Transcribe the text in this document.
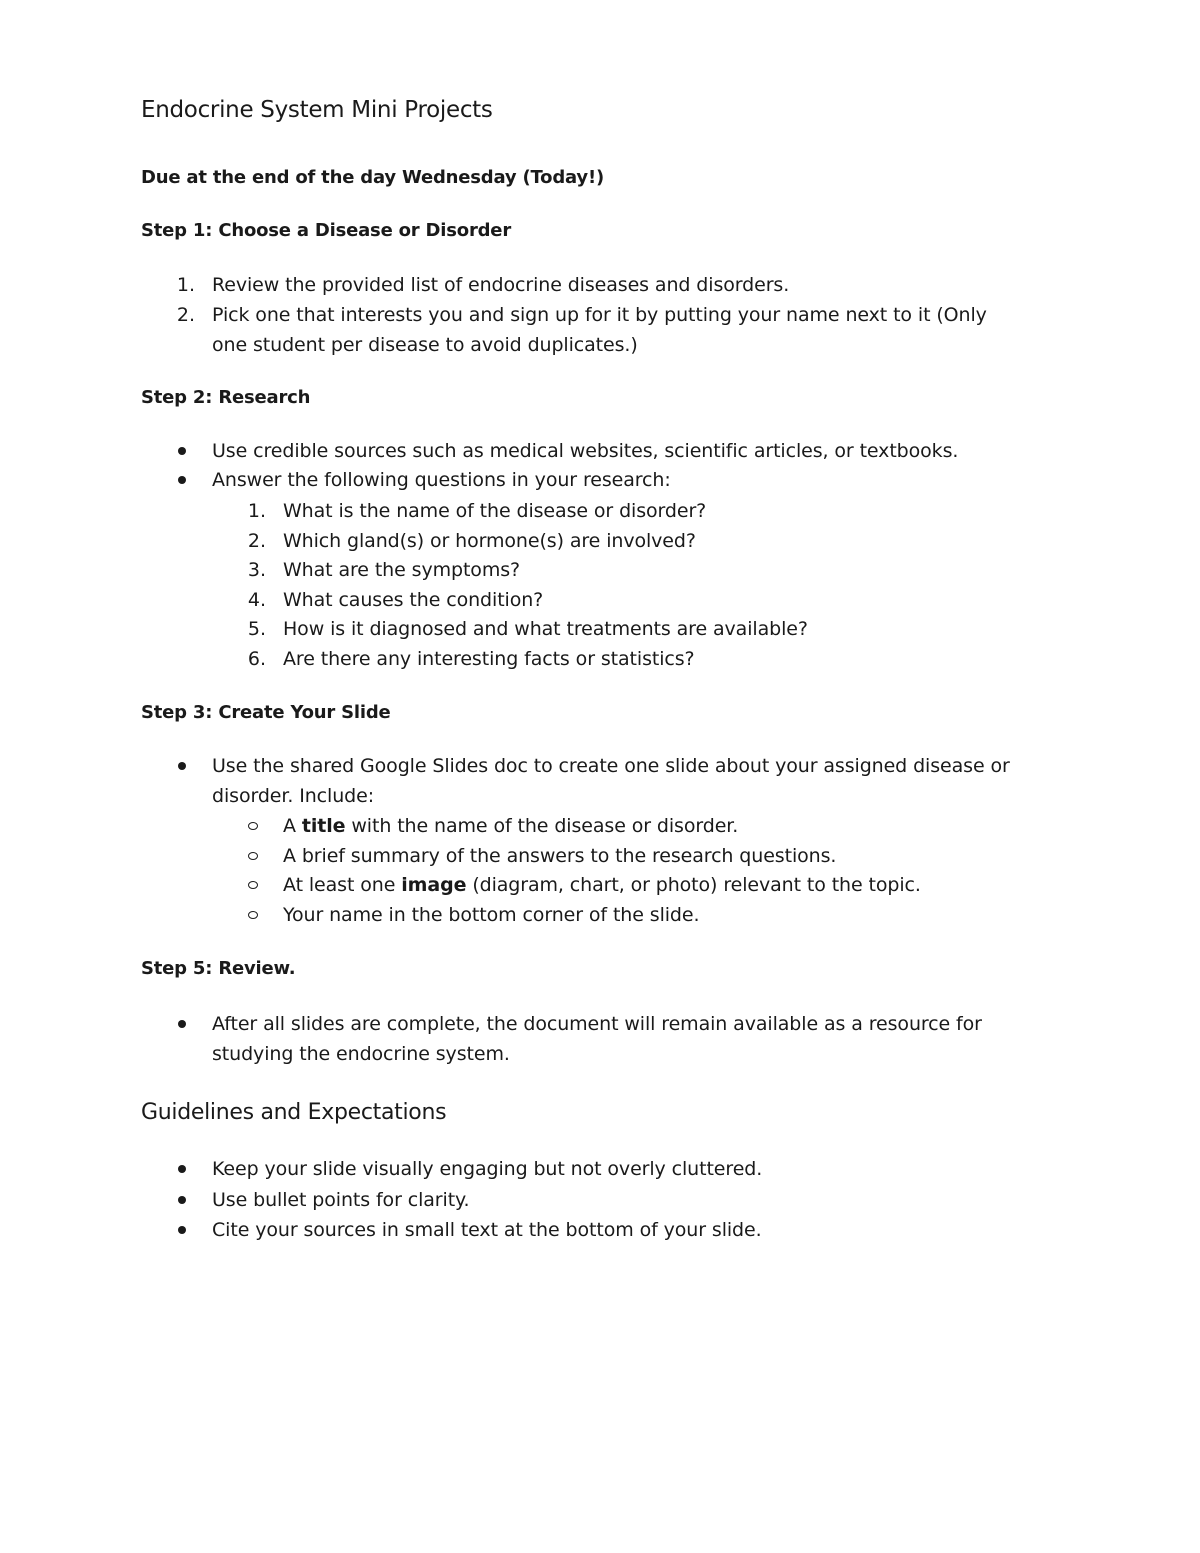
Endocrine System Mini Projects
Due at the end of the day Wednesday (Today!)
Step 1: Choose a Disease or Disorder
1. Review the provided list of endocrine diseases and disorders.
2. Pick one that interests you and sign up for it by putting your name next to it (Only
one student per disease to avoid duplicates.)
Step 2: Research
Use credible sources such as medical websites, scientific articles, or textbooks.
Answer the following questions in your research:
1. What is the name of the disease or disorder?
2. Which gland(s) or hormone(s) are involved?
3. What are the symptoms?
4. What causes the condition?
5. How is it diagnosed and what treatments are available?
6. Are there any interesting facts or statistics?
Step 3: Create Your Slide
Use the shared Google Slides doc to create one slide about your assigned disease or
disorder. Include:
A title with the name of the disease or disorder.
A brief summary of the answers to the research questions.
At least one image (diagram, chart, or photo) relevant to the topic.
Your name in the bottom corner of the slide.
Step 5: Review.
After all slides are complete, the document will remain available as a resource for
studying the endocrine system.
Guidelines and Expectations
Keep your slide visually engaging but not overly cluttered.
Use bullet points for clarity.
Cite your sources in small text at the bottom of your slide.
